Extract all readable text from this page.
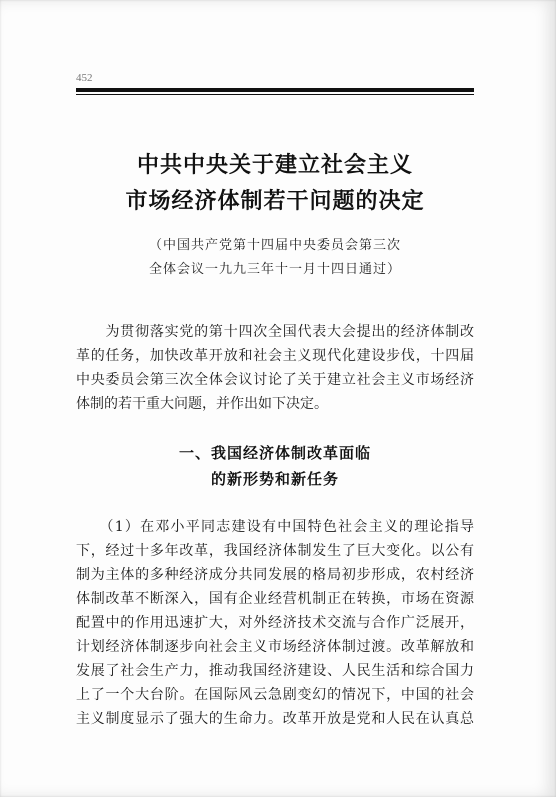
452
中共中央关于建立社会主义
市场经济体制若干问题的决定
（中国共产党第十四届中央委员会第三次
全体会议一九九三年十一月十四日通过）
　　为贯彻落实党的第十四次全国代表大会提出的经济体制改
革的任务，加快改革开放和社会主义现代化建设步伐，十四届
中央委员会第三次全体会议讨论了关于建立社会主义市场经济
体制的若干重大问题，并作出如下决定。
一、我国经济体制改革面临
的新形势和新任务
　　（1）在邓小平同志建设有中国特色社会主义的理论指导
下，经过十多年改革，我国经济体制发生了巨大变化。以公有
制为主体的多种经济成分共同发展的格局初步形成，农村经济
体制改革不断深入，国有企业经营机制正在转换，市场在资源
配置中的作用迅速扩大，对外经济技术交流与合作广泛展开，
计划经济体制逐步向社会主义市场经济体制过渡。改革解放和
发展了社会生产力，推动我国经济建设、人民生活和综合国力
上了一个大台阶。在国际风云急剧变幻的情况下，中国的社会
主义制度显示了强大的生命力。改革开放是党和人民在认真总
